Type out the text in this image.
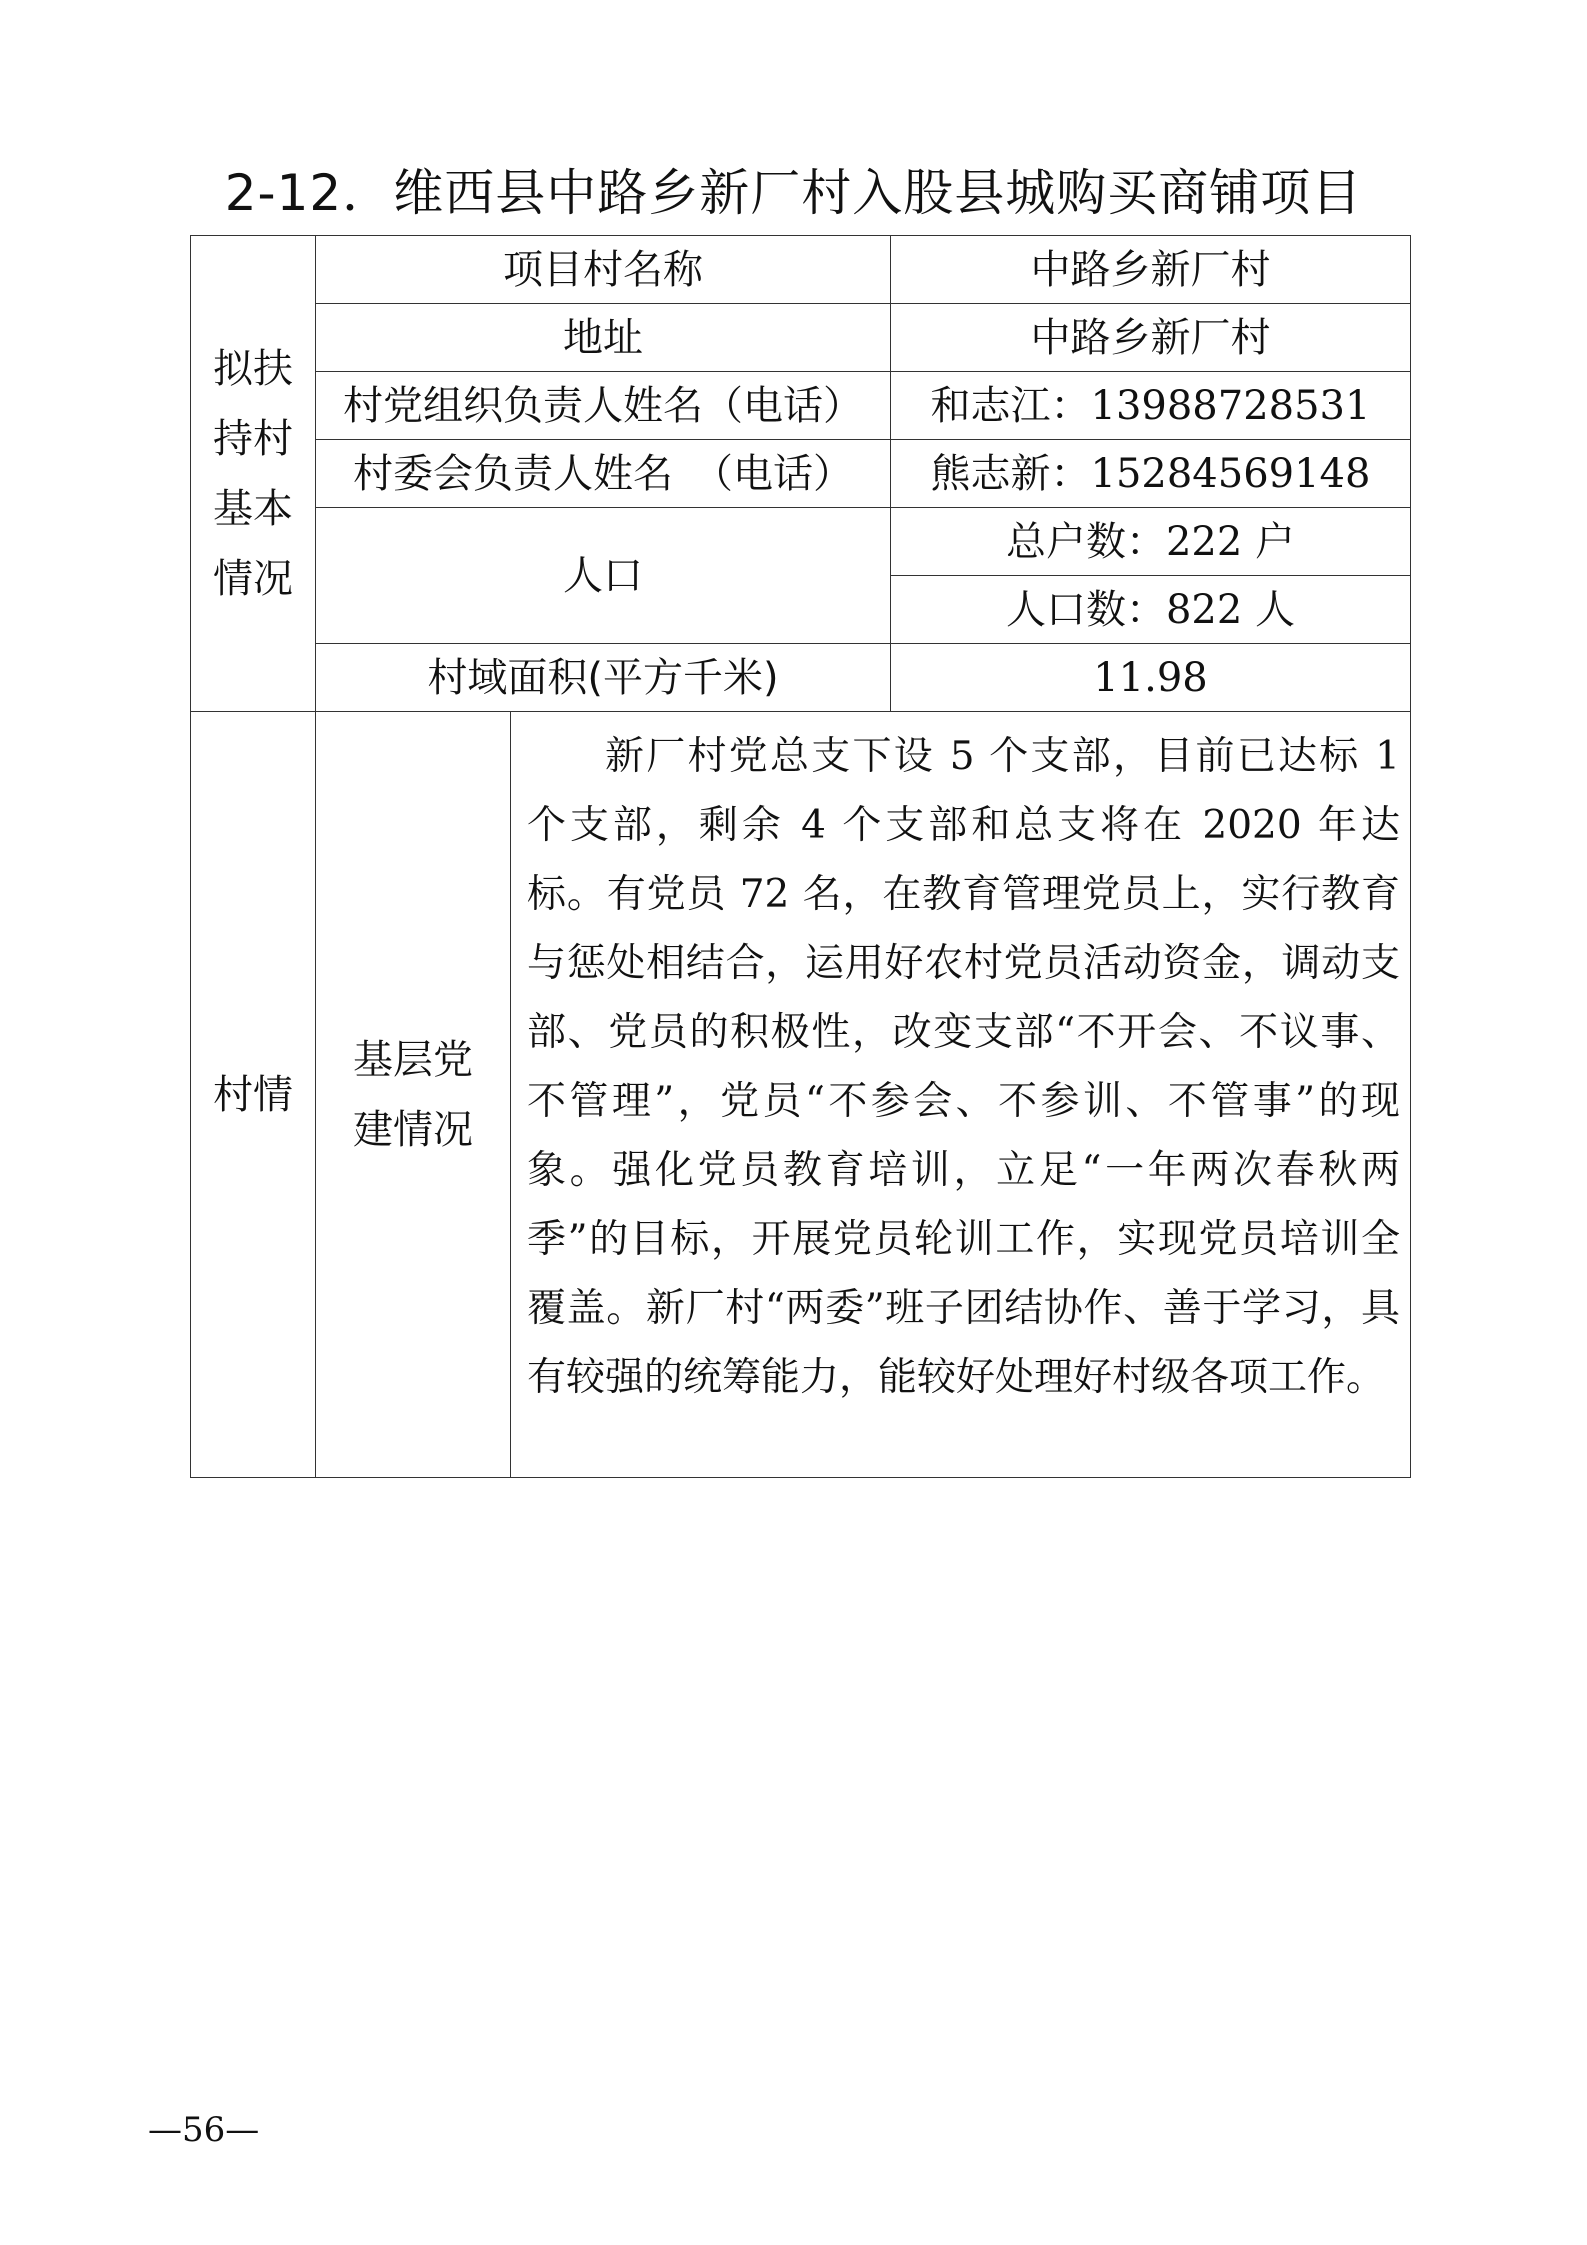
2-12．维西县中路乡新厂村入股县城购买商铺项目
拟扶持村基本情况	项目村名称		中路乡新厂村
	地址		中路乡新厂村
	村党组织负责人姓名（电话）		和志江：13988728531
	村委会负责人姓名　（电话）		熊志新：15284569148
	人口		总户数：222 户
			人口数：822 人
	村域面积(平方千米)		11.98
村情	基层党建情况	新厂村党总支下设 5 个支部，目前已达标 1 个支部，剩余 4 个支部和总支将在 2020 年达标。有党员 72 名，在教育管理党员上，实行教育与惩处相结合，运用好农村党员活动资金，调动支部、党员的积极性，改变支部“不开会、不议事、不管理”，党员“不参会、不参训、不管事”的现象。强化党员教育培训，立足“一年两次春秋两季”的目标，开展党员轮训工作，实现党员培训全覆盖。新厂村“两委”班子团结协作、善于学习，具有较强的统筹能力，能较好处理好村级各项工作。	
—56—
